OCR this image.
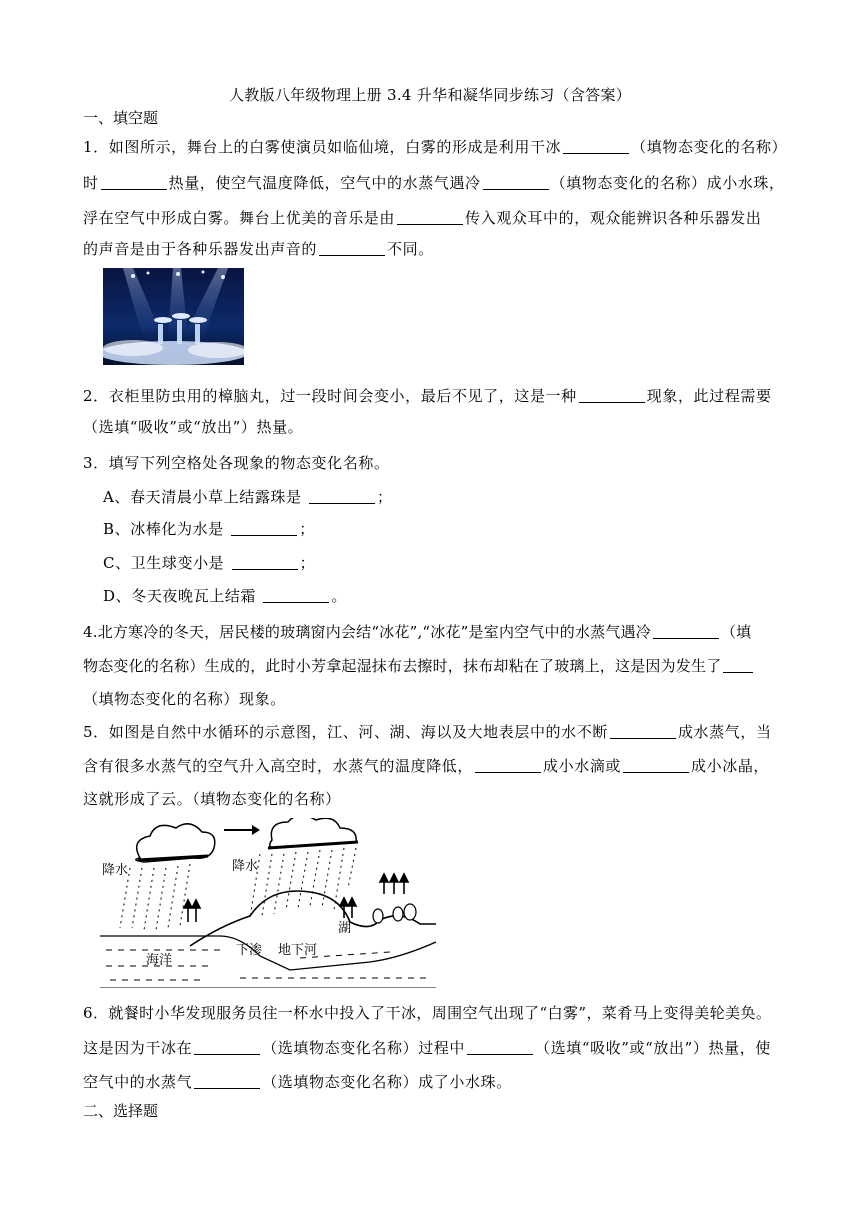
人教版八年级物理上册 3.4 升华和凝华同步练习（含答案）
一、填空题
1．如图所示，舞台上的白雾使演员如临仙境，白雾的形成是利用干冰	（填物态变化的名称）
时	热量，使空气温度降低，空气中的水蒸气遇冷	（填物态变化的名称）成小水珠，
浮在空气中形成白雾。舞台上优美的音乐是由	传入观众耳中的，观众能辨识各种乐器发出
的声音是由于各种乐器发出声音的	不同。
2．衣柜里防虫用的樟脑丸，过一段时间会变小，最后不见了，这是一种	现象，此过程需要
（选填“吸收”或“放出”）热量。
3．填写下列空格处各现象的物态变化名称。
A、春天清晨小草上结露珠是	；
B、冰棒化为水是	；
C、卫生球变小是	；
D、冬天夜晚瓦上结霜	。
4.北方寒冷的冬天，居民楼的玻璃窗内会结“冰花”,“冰花”是室内空气中的水蒸气遇冷	（填
物态变化的名称）生成的，此时小芳拿起湿抹布去擦时，抹布却粘在了玻璃上，这是因为发生了
（填物态变化的名称）现象。
5．如图是自然中水循环的示意图，江、河、湖、海以及大地表层中的水不断	成水蒸气，当
含有很多水蒸气的空气升入高空时，水蒸气的温度降低，	成小水滴或	成小冰晶，
这就形成了云。（填物态变化的名称）
降水	降水
海洋
下渗 地下河
湖
6．就餐时小华发现服务员往一杯水中投入了干冰，周围空气出现了“白雾”，菜肴马上变得美轮美奂。
这是因为干冰在	（选填物态变化名称）过程中	（选填“吸收”或“放出”）热量，使
空气中的水蒸气	（选填物态变化名称）成了小水珠。
二、选择题
